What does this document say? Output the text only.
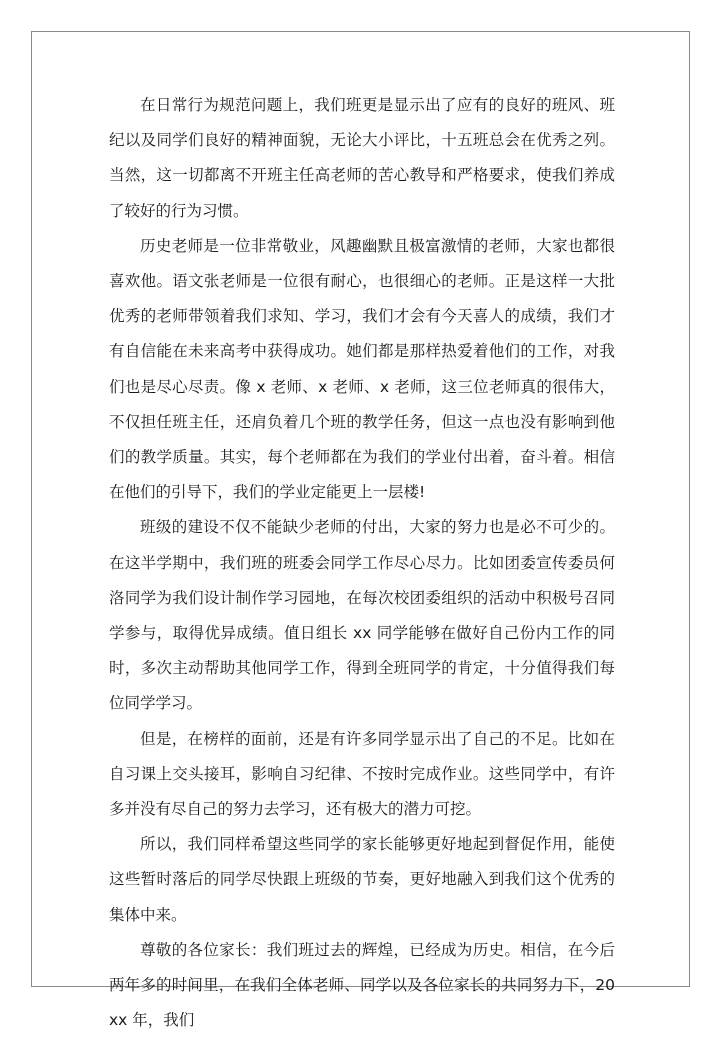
在日常行为规范问题上，我们班更是显示出了应有的良好的班风、班纪以及同学们良好的精神面貌，无论大小评比，十五班总会在优秀之列。当然，这一切都离不开班主任高老师的苦心教导和严格要求，使我们养成了较好的行为习惯。

历史老师是一位非常敬业，风趣幽默且极富激情的老师，大家也都很喜欢他。语文张老师是一位很有耐心，也很细心的老师。正是这样一大批优秀的老师带领着我们求知、学习，我们才会有今天喜人的成绩，我们才有自信能在未来高考中获得成功。她们都是那样热爱着他们的工作，对我们也是尽心尽责。像 x 老师、x 老师、x 老师，这三位老师真的很伟大，不仅担任班主任，还肩负着几个班的教学任务，但这一点也没有影响到他们的教学质量。其实，每个老师都在为我们的学业付出着，奋斗着。相信在他们的引导下，我们的学业定能更上一层楼!

班级的建设不仅不能缺少老师的付出，大家的努力也是必不可少的。在这半学期中，我们班的班委会同学工作尽心尽力。比如团委宣传委员何洛同学为我们设计制作学习园地，在每次校团委组织的活动中积极号召同学参与，取得优异成绩。值日组长 xx 同学能够在做好自己份内工作的同时，多次主动帮助其他同学工作，得到全班同学的肯定，十分值得我们每位同学学习。

但是，在榜样的面前，还是有许多同学显示出了自己的不足。比如在自习课上交头接耳，影响自习纪律、不按时完成作业。这些同学中，有许多并没有尽自己的努力去学习，还有极大的潜力可挖。

所以，我们同样希望这些同学的家长能够更好地起到督促作用，能使这些暂时落后的同学尽快跟上班级的节奏，更好地融入到我们这个优秀的集体中来。

尊敬的各位家长：我们班过去的辉煌，已经成为历史。相信，在今后两年多的时间里，在我们全体老师、同学以及各位家长的共同努力下，20xx 年，我们
